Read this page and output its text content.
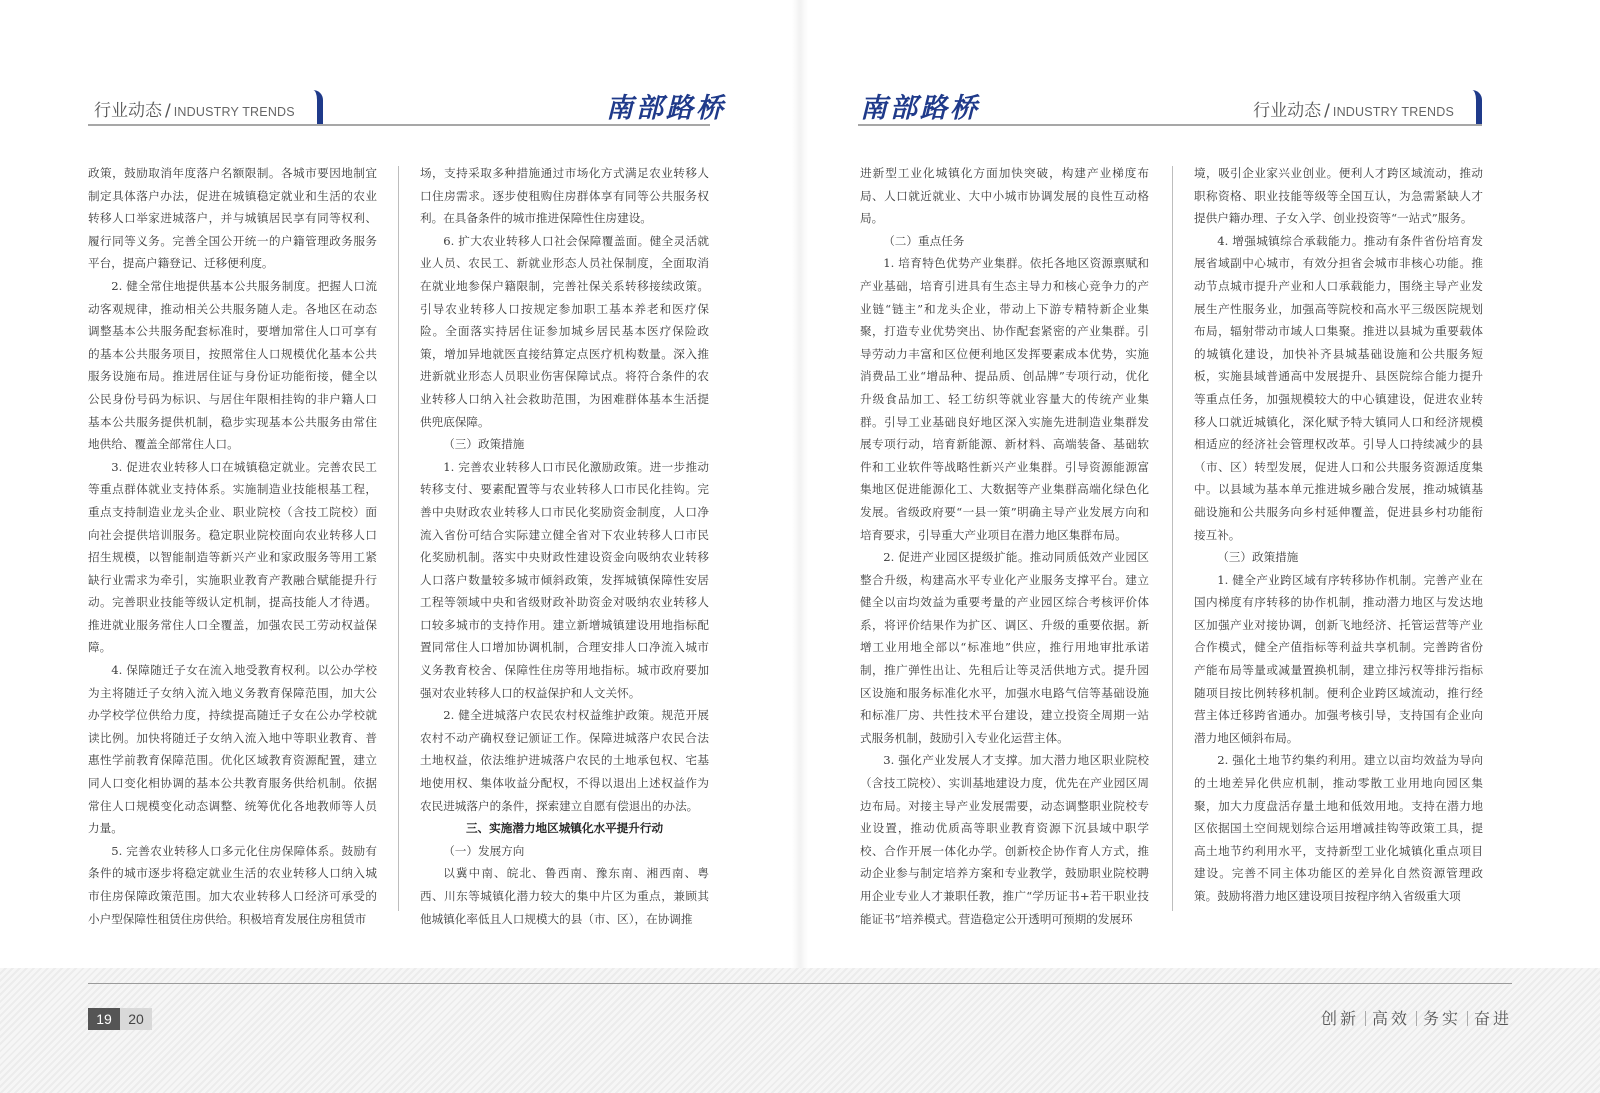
行业动态 / INDUSTRY TRENDS	南部路桥

政策，鼓励取消年度落户名额限制。各城市要因地制宜制定具体落户办法，促进在城镇稳定就业和生活的农业转移人口举家进城落户，并与城镇居民享有同等权利、履行同等义务。完善全国公开统一的户籍管理政务服务平台，提高户籍登记、迁移便利度。

2. 健全常住地提供基本公共服务制度。把握人口流动客观规律，推动相关公共服务随人走。各地区在动态调整基本公共服务配套标准时，要增加常住人口可享有的基本公共服务项目，按照常住人口规模优化基本公共服务设施布局。推进居住证与身份证功能衔接，健全以公民身份号码为标识、与居住年限相挂钩的非户籍人口基本公共服务提供机制，稳步实现基本公共服务由常住地供给、覆盖全部常住人口。

3. 促进农业转移人口在城镇稳定就业。完善农民工等重点群体就业支持体系。实施制造业技能根基工程，重点支持制造业龙头企业、职业院校（含技工院校）面向社会提供培训服务。稳定职业院校面向农业转移人口招生规模，以智能制造等新兴产业和家政服务等用工紧缺行业需求为牵引，实施职业教育产教融合赋能提升行动。完善职业技能等级认定机制，提高技能人才待遇。推进就业服务常住人口全覆盖，加强农民工劳动权益保障。

4. 保障随迁子女在流入地受教育权利。以公办学校为主将随迁子女纳入流入地义务教育保障范围，加大公办学校学位供给力度，持续提高随迁子女在公办学校就读比例。加快将随迁子女纳入流入地中等职业教育、普惠性学前教育保障范围。优化区域教育资源配置，建立同人口变化相协调的基本公共教育服务供给机制。依据常住人口规模变化动态调整、统筹优化各地教师等人员力量。

5. 完善农业转移人口多元化住房保障体系。鼓励有条件的城市逐步将稳定就业生活的农业转移人口纳入城市住房保障政策范围。加大农业转移人口经济可承受的小户型保障性租赁住房供给。积极培育发展住房租赁市

场，支持采取多种措施通过市场化方式满足农业转移人口住房需求。逐步使租购住房群体享有同等公共服务权利。在具备条件的城市推进保障性住房建设。

6. 扩大农业转移人口社会保障覆盖面。健全灵活就业人员、农民工、新就业形态人员社保制度，全面取消在就业地参保户籍限制，完善社保关系转移接续政策。引导农业转移人口按规定参加职工基本养老和医疗保险。全面落实持居住证参加城乡居民基本医疗保险政策，增加异地就医直接结算定点医疗机构数量。深入推进新就业形态人员职业伤害保障试点。将符合条件的农业转移人口纳入社会救助范围，为困难群体基本生活提供兜底保障。

（三）政策措施

1. 完善农业转移人口市民化激励政策。进一步推动转移支付、要素配置等与农业转移人口市民化挂钩。完善中央财政农业转移人口市民化奖励资金制度，人口净流入省份可结合实际建立健全省对下农业转移人口市民化奖励机制。落实中央财政性建设资金向吸纳农业转移人口落户数量较多城市倾斜政策，发挥城镇保障性安居工程等领域中央和省级财政补助资金对吸纳农业转移人口较多城市的支持作用。建立新增城镇建设用地指标配置同常住人口增加协调机制，合理安排人口净流入城市义务教育校舍、保障性住房等用地指标。城市政府要加强对农业转移人口的权益保护和人文关怀。

2. 健全进城落户农民农村权益维护政策。规范开展农村不动产确权登记颁证工作。保障进城落户农民合法土地权益，依法维护进城落户农民的土地承包权、宅基地使用权、集体收益分配权，不得以退出上述权益作为农民进城落户的条件，探索建立自愿有偿退出的办法。

三、实施潜力地区城镇化水平提升行动

（一）发展方向

以冀中南、皖北、鲁西南、豫东南、湘西南、粤西、川东等城镇化潜力较大的集中片区为重点，兼顾其他城镇化率低且人口规模大的县（市、区），在协调推

南部路桥	行业动态 / INDUSTRY TRENDS

进新型工业化城镇化方面加快突破，构建产业梯度布局、人口就近就业、大中小城市协调发展的良性互动格局。

（二）重点任务

1. 培育特色优势产业集群。依托各地区资源禀赋和产业基础，培育引进具有生态主导力和核心竞争力的产业链“链主”和龙头企业，带动上下游专精特新企业集聚，打造专业优势突出、协作配套紧密的产业集群。引导劳动力丰富和区位便利地区发挥要素成本优势，实施消费品工业“增品种、提品质、创品牌”专项行动，优化升级食品加工、轻工纺织等就业容量大的传统产业集群。引导工业基础良好地区深入实施先进制造业集群发展专项行动，培育新能源、新材料、高端装备、基础软件和工业软件等战略性新兴产业集群。引导资源能源富集地区促进能源化工、大数据等产业集群高端化绿色化发展。省级政府要“一县一策”明确主导产业发展方向和培育要求，引导重大产业项目在潜力地区集群布局。

2. 促进产业园区提级扩能。推动同质低效产业园区整合升级，构建高水平专业化产业服务支撑平台。建立健全以亩均效益为重要考量的产业园区综合考核评价体系，将评价结果作为扩区、调区、升级的重要依据。新增工业用地全部以“标准地”供应，推行用地审批承诺制，推广弹性出让、先租后让等灵活供地方式。提升园区设施和服务标准化水平，加强水电路气信等基础设施和标准厂房、共性技术平台建设，建立投资全周期一站式服务机制，鼓励引入专业化运营主体。

3. 强化产业发展人才支撑。加大潜力地区职业院校（含技工院校）、实训基地建设力度，优先在产业园区周边布局。对接主导产业发展需要，动态调整职业院校专业设置，推动优质高等职业教育资源下沉县域中职学校、合作开展一体化办学。创新校企协作育人方式，推动企业参与制定培养方案和专业教学，鼓励职业院校聘用企业专业人才兼职任教，推广“学历证书+若干职业技能证书”培养模式。营造稳定公开透明可预期的发展环

境，吸引企业家兴业创业。便利人才跨区域流动，推动职称资格、职业技能等级等全国互认，为急需紧缺人才提供户籍办理、子女入学、创业投资等“一站式”服务。

4. 增强城镇综合承载能力。推动有条件省份培育发展省域副中心城市，有效分担省会城市非核心功能。推动节点城市提升产业和人口承载能力，围绕主导产业发展生产性服务业，加强高等院校和高水平三级医院规划布局，辐射带动市域人口集聚。推进以县城为重要载体的城镇化建设，加快补齐县城基础设施和公共服务短板，实施县域普通高中发展提升、县医院综合能力提升等重点任务，加强规模较大的中心镇建设，促进农业转移人口就近城镇化，深化赋予特大镇同人口和经济规模相适应的经济社会管理权改革。引导人口持续减少的县（市、区）转型发展，促进人口和公共服务资源适度集中。以县域为基本单元推进城乡融合发展，推动城镇基础设施和公共服务向乡村延伸覆盖，促进县乡村功能衔接互补。

（三）政策措施

1. 健全产业跨区域有序转移协作机制。完善产业在国内梯度有序转移的协作机制，推动潜力地区与发达地区加强产业对接协调，创新飞地经济、托管运营等产业合作模式，健全产值指标等利益共享机制。完善跨省份产能布局等量或减量置换机制，建立排污权等排污指标随项目按比例转移机制。便利企业跨区域流动，推行经营主体迁移跨省通办。加强考核引导，支持国有企业向潜力地区倾斜布局。

2. 强化土地节约集约利用。建立以亩均效益为导向的土地差异化供应机制，推动零散工业用地向园区集聚，加大力度盘活存量土地和低效用地。支持在潜力地区依据国土空间规划综合运用增减挂钩等政策工具，提高土地节约利用水平，支持新型工业化城镇化重点项目建设。完善不同主体功能区的差异化自然资源管理政策。鼓励将潜力地区建设项目按程序纳入省级重大项

19	20	创新 高效 务实 奋进
